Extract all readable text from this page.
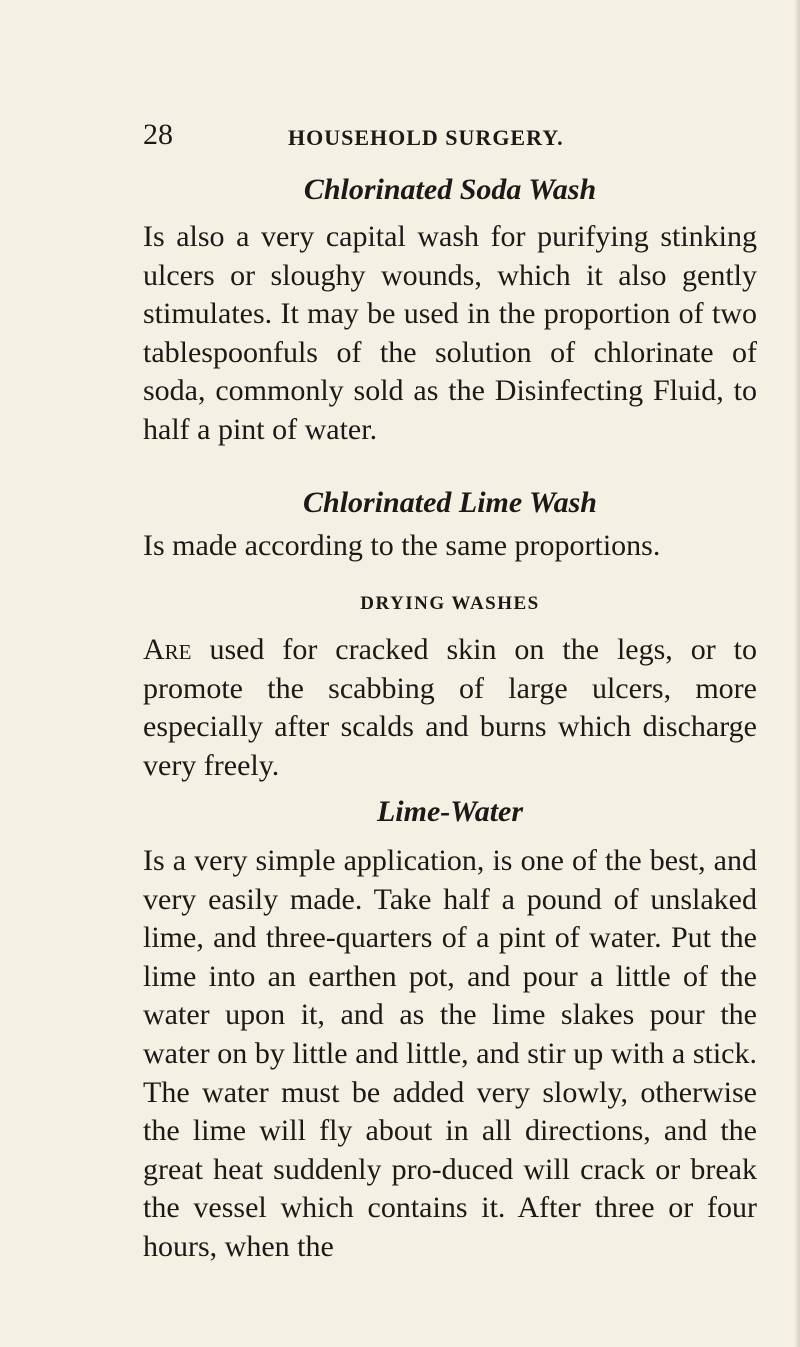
28	HOUSEHOLD SURGERY.
Chlorinated Soda Wash

Is also a very capital wash for purifying stinking ulcers or sloughy wounds, which it also gently stimulates. It may be used in the proportion of two tablespoonfuls of the solution of chlorinate of soda, commonly sold as the Disinfecting Fluid, to half a pint of water.

Chlorinated Lime Wash

Is made according to the same proportions.

DRYING WASHES

Are used for cracked skin on the legs, or to promote the scabbing of large ulcers, more especially after scalds and burns which discharge very freely.

Lime-Water

Is a very simple application, is one of the best, and very easily made. Take half a pound of unslaked lime, and three-quarters of a pint of water. Put the lime into an earthen pot, and pour a little of the water upon it, and as the lime slakes pour the water on by little and little, and stir up with a stick. The water must be added very slowly, otherwise the lime will fly about in all directions, and the great heat suddenly pro-duced will crack or break the vessel which contains it. After three or four hours, when the
